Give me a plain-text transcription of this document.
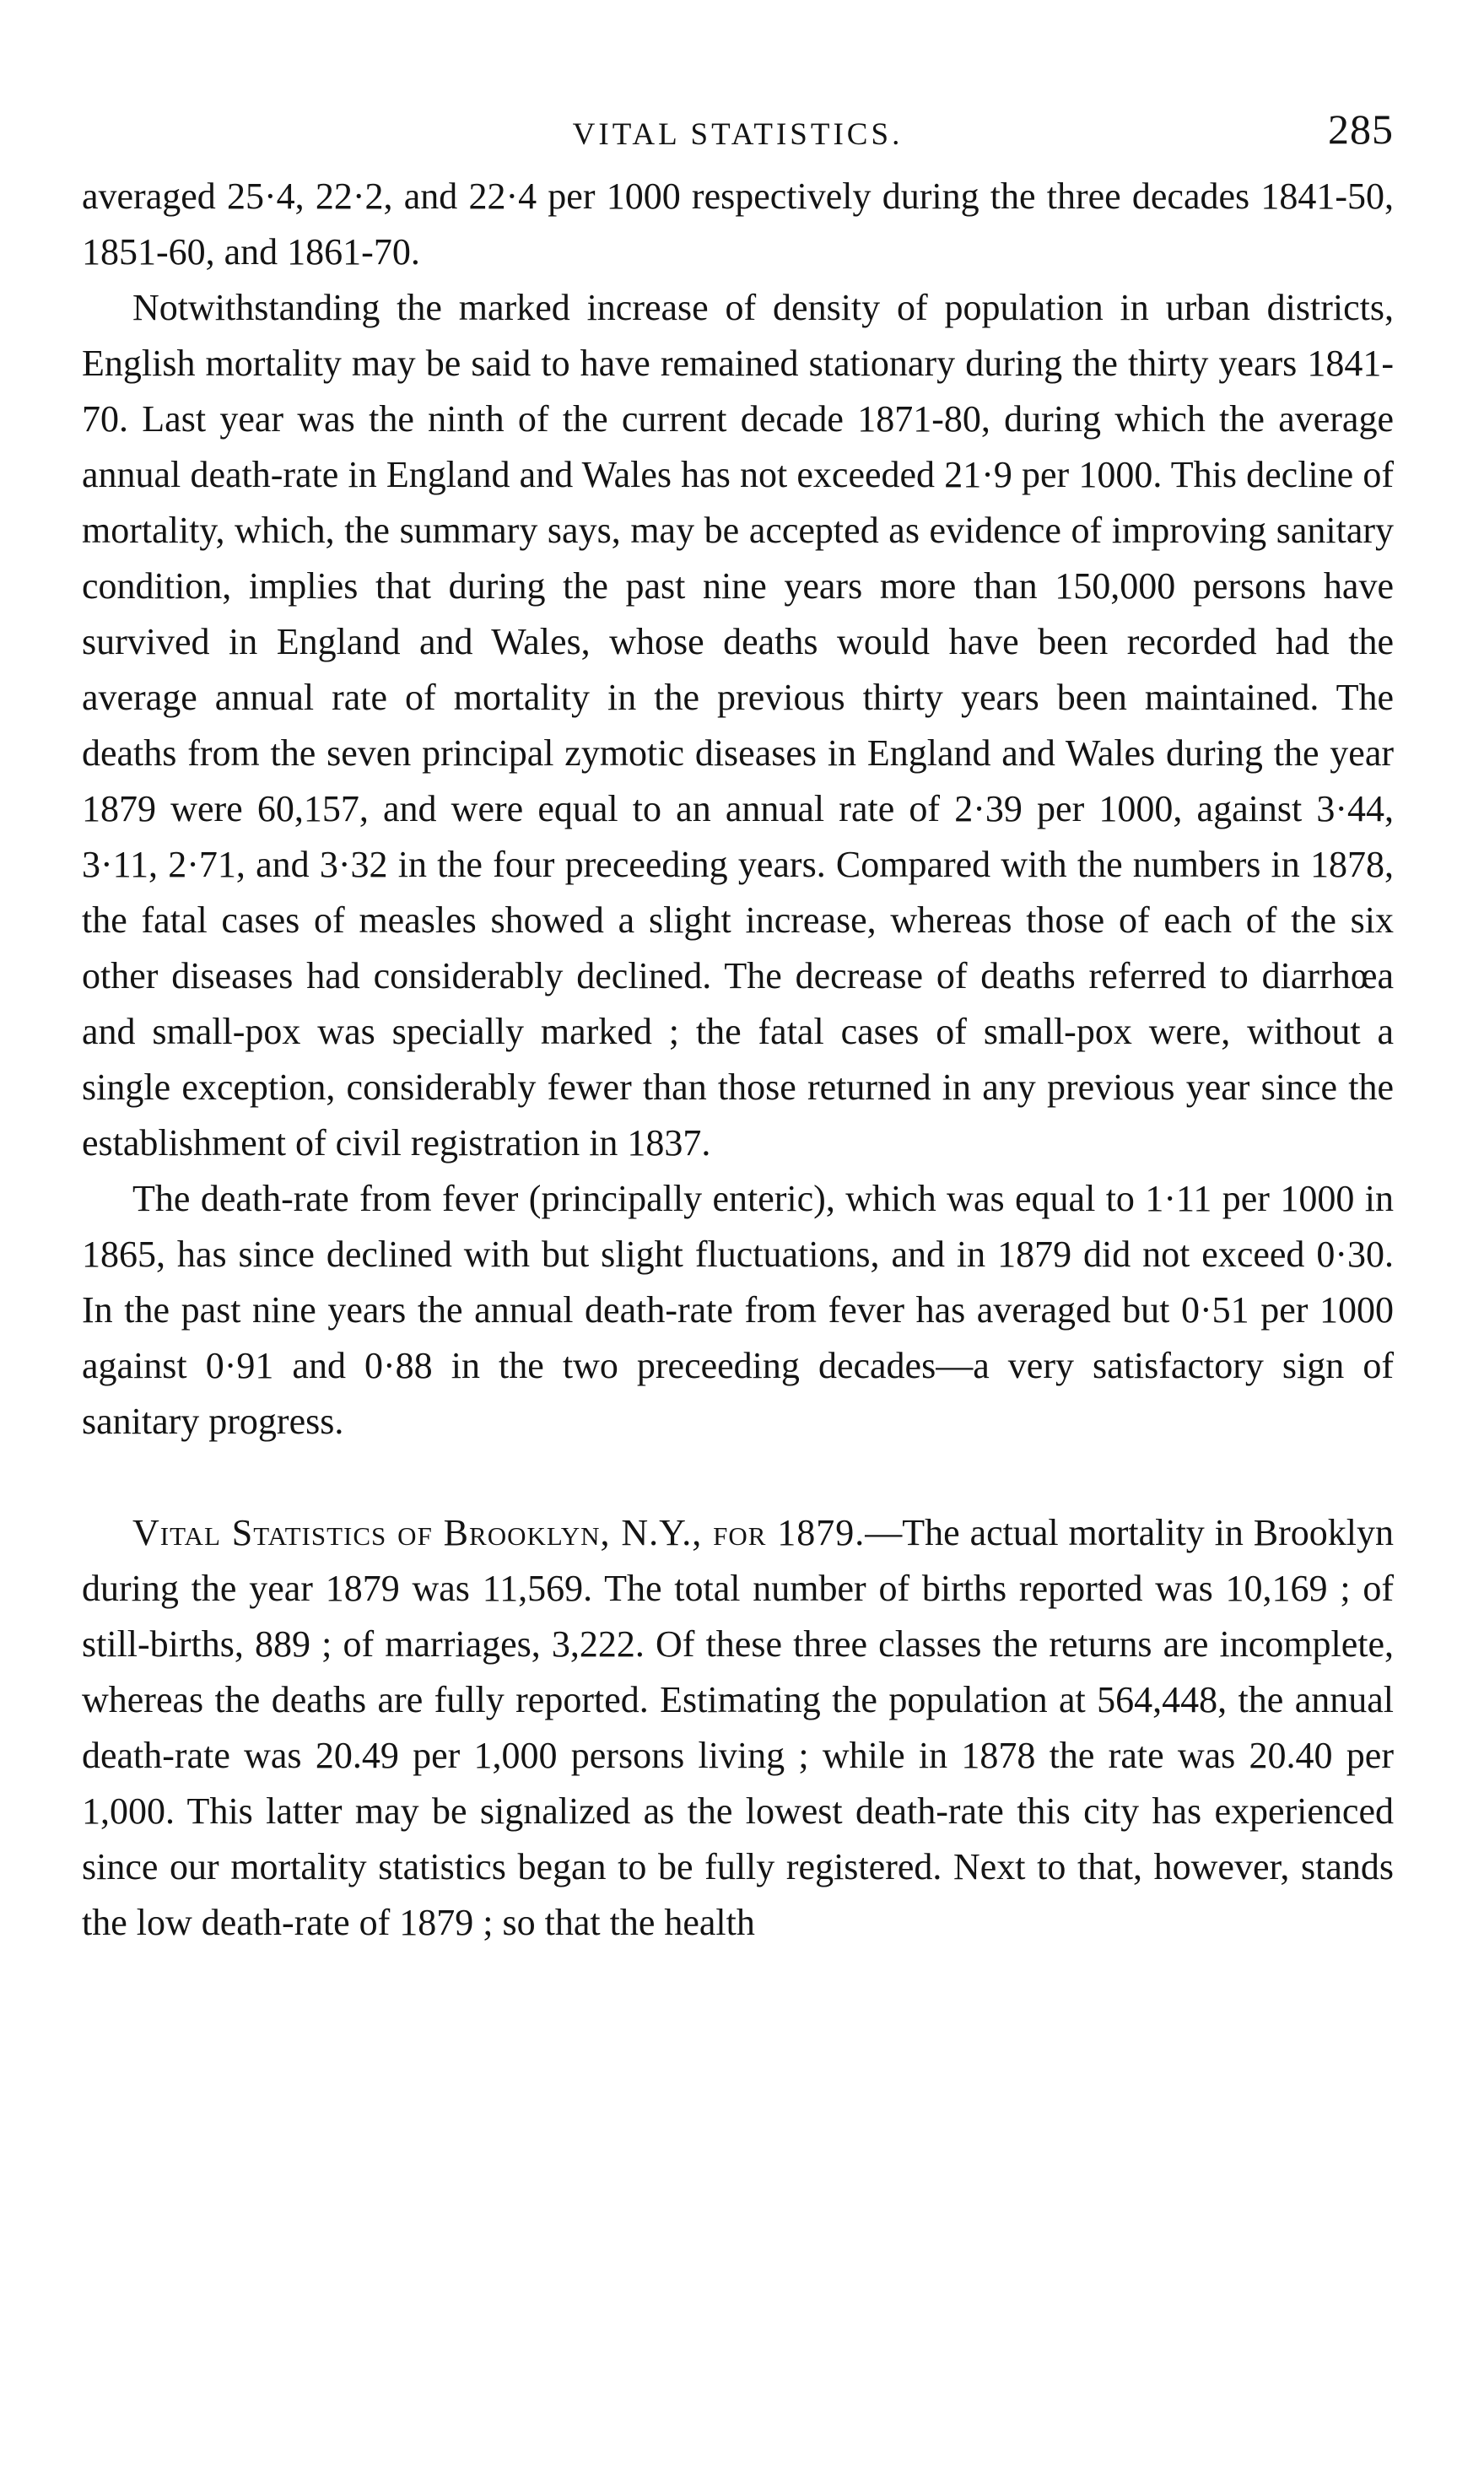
VITAL STATISTICS.	285

averaged 25·4, 22·2, and 22·4 per 1000 respectively during the three decades 1841-50, 1851-60, and 1861-70.

Notwithstanding the marked increase of density of population in urban districts, English mortality may be said to have remained stationary during the thirty years 1841-70. Last year was the ninth of the current decade 1871-80, during which the average annual death-rate in England and Wales has not exceeded 21·9 per 1000. This decline of mortality, which, the summary says, may be accepted as evidence of improving sanitary condition, implies that during the past nine years more than 150,000 persons have survived in England and Wales, whose deaths would have been recorded had the average annual rate of mortality in the previous thirty years been maintained. The deaths from the seven principal zymotic diseases in England and Wales during the year 1879 were 60,157, and were equal to an annual rate of 2·39 per 1000, against 3·44, 3·11, 2·71, and 3·32 in the four preceeding years. Compared with the numbers in 1878, the fatal cases of measles showed a slight increase, whereas those of each of the six other diseases had considerably declined. The decrease of deaths referred to diarrhœa and small-pox was specially marked ; the fatal cases of small-pox were, without a single exception, considerably fewer than those returned in any previous year since the establishment of civil registration in 1837.

The death-rate from fever (principally enteric), which was equal to 1·11 per 1000 in 1865, has since declined with but slight fluctuations, and in 1879 did not exceed 0·30. In the past nine years the annual death-rate from fever has averaged but 0·51 per 1000 against 0·91 and 0·88 in the two preceeding decades—a very satisfactory sign of sanitary progress.

Vital Statistics of Brooklyn, N.Y., for 1879.—The actual mortality in Brooklyn during the year 1879 was 11,569. The total number of births reported was 10,169 ; of still-births, 889 ; of marriages, 3,222. Of these three classes the returns are incomplete, whereas the deaths are fully reported. Estimating the population at 564,448, the annual death-rate was 20.49 per 1,000 persons living ; while in 1878 the rate was 20.40 per 1,000. This latter may be signalized as the lowest death-rate this city has experienced since our mortality statistics began to be fully registered. Next to that, however, stands the low death-rate of 1879 ; so that the health
